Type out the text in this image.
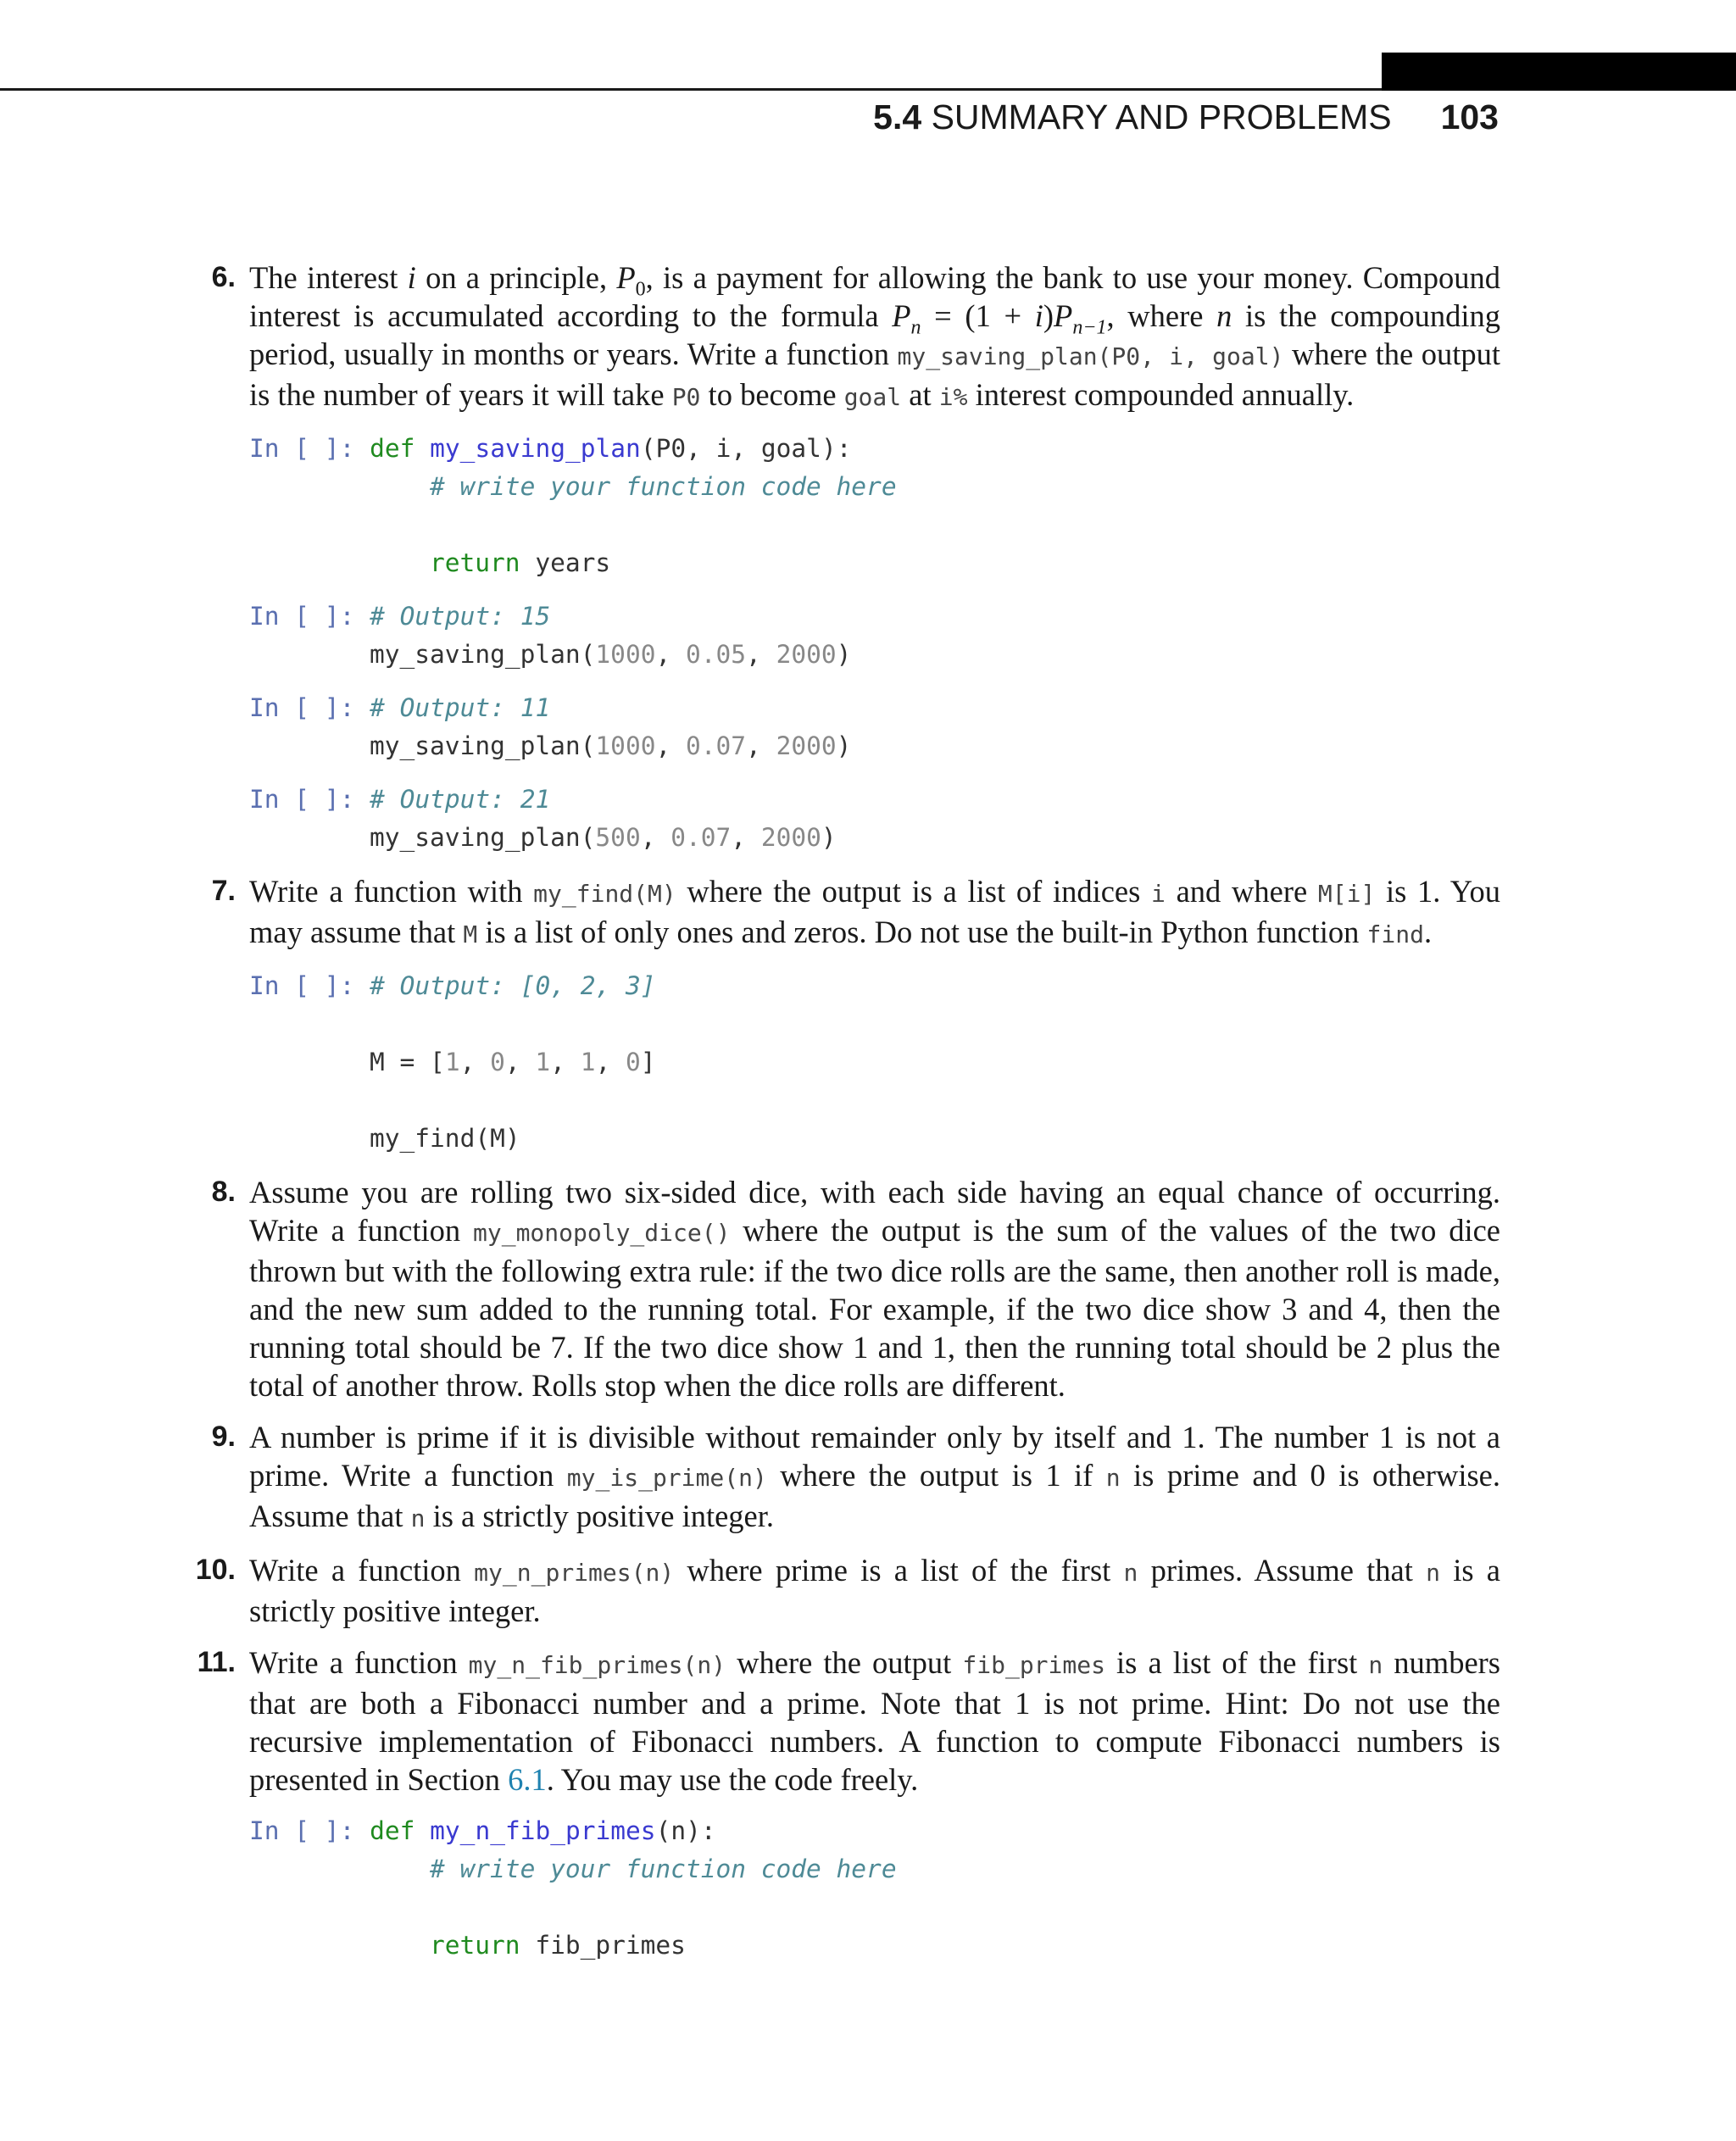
5.4 SUMMARY AND PROBLEMS 103
6. The interest i on a principle, $P_0$, is a payment for allowing the bank to use your money. Compound interest is accumulated according to the formula $P_n = (1 + i)P_{n-1}$, where n is the compounding period, usually in months or years. Write a function my_saving_plan(P0, i, goal) where the output is the number of years it will take P0 to become goal at i% interest compounded annually.
In [ ]: def my_saving_plan(P0, i, goal):
# write your function code here
return years
In [ ]: # Output: 15
my_saving_plan(1000, 0.05, 2000)
In [ ]: # Output: 11
my_saving_plan(1000, 0.07, 2000)
In [ ]: # Output: 21
my_saving_plan(500, 0.07, 2000)
7. Write a function with my_find(M) where the output is a list of indices i and where M[i] is 1. You may assume that M is a list of only ones and zeros. Do not use the built-in Python function find.
In [ ]: # Output: [0, 2, 3]
M = [1, 0, 1, 1, 0]
my_find(M)
8. Assume you are rolling two six-sided dice, with each side having an equal chance of occurring. Write a function my_monopoly_dice() where the output is the sum of the values of the two dice thrown but with the following extra rule: if the two dice rolls are the same, then another roll is made, and the new sum added to the running total. For example, if the two dice show 3 and 4, then the running total should be 7. If the two dice show 1 and 1, then the running total should be 2 plus the total of another throw. Rolls stop when the dice rolls are different.
9. A number is prime if it is divisible without remainder only by itself and 1. The number 1 is not a prime. Write a function my_is_prime(n) where the output is 1 if n is prime and 0 is otherwise. Assume that n is a strictly positive integer.
10. Write a function my_n_primes(n) where prime is a list of the first n primes. Assume that n is a strictly positive integer.
11. Write a function my_n_fib_primes(n) where the output fib_primes is a list of the first n numbers that are both a Fibonacci number and a prime. Note that 1 is not prime. Hint: Do not use the recursive implementation of Fibonacci numbers. A function to compute Fibonacci numbers is presented in Section 6.1. You may use the code freely.
In [ ]: def my_n_fib_primes(n):
# write your function code here
return fib_primes
